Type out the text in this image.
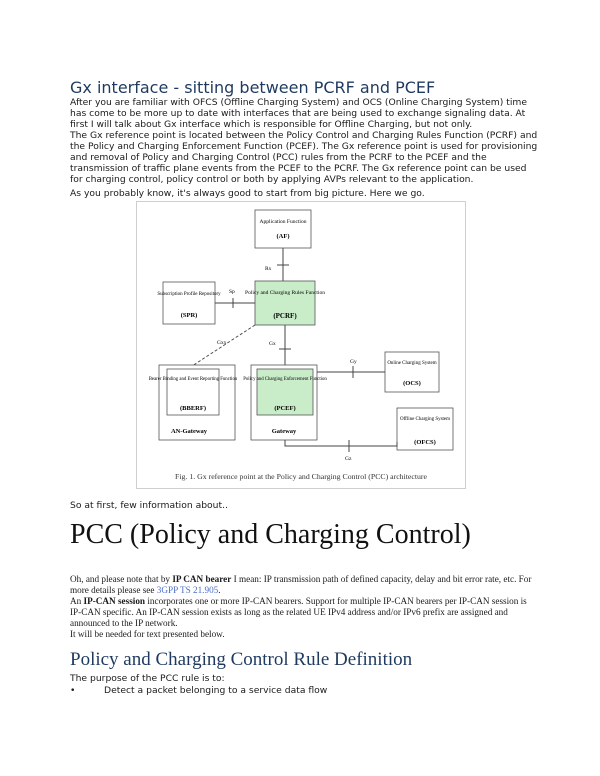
Gx interface - sitting between PCRF and PCEF
After you are familiar with OFCS (Offline Charging System) and OCS (Online Charging System) time has come to be more up to date with interfaces that are being used to exchange signaling data. At first I will talk about Gx interface which is responsible for Offline Charging, but not only.
The Gx reference point is located between the Policy Control and Charging Rules Function (PCRF) and the Policy and Charging Enforcement Function (PCEF). The Gx reference point is used for provisioning and removal of Policy and Charging Control (PCC) rules from the PCRF to the PCEF and the transmission of traffic plane events from the PCEF to the PCRF. The Gx reference point can be used for charging control, policy control or both by applying AVPs relevant to the application.
As you probably know, it's always good to start from big picture. Here we go.
Application Function
(AF)
Rx
Policy and Charging Rules Function
(PCRF)
Subscription Profile Repository
(SPR)
Sp
Gxx	Gx
Bearer Binding and Event Reporting Function
(BBERF)
AN-Gateway
Policy and Charging Enforcement Function
(PCEF)
Gateway
Online Charging System
(OCS)
Gy
Offline Charging System
(OFCS)
Gz
Fig. 1. Gx reference point at the Policy and Charging Control (PCC) architecture
So at first, few information about..
PCC (Policy and Charging Control)
Oh, and please note that by IP CAN bearer I mean: IP transmission path of defined capacity, delay and bit error rate, etc. For more details please see 3GPP TS 21.905.
An IP-CAN session incorporates one or more IP-CAN bearers. Support for multiple IP-CAN bearers per IP-CAN session is IP-CAN specific. An IP-CAN session exists as long as the related UE IPv4 address and/or IPv6 prefix are assigned and announced to the IP network.
It will be needed for text presented below.
Policy and Charging Control Rule Definition
The purpose of the PCC rule is to:
•	Detect a packet belonging to a service data flow
